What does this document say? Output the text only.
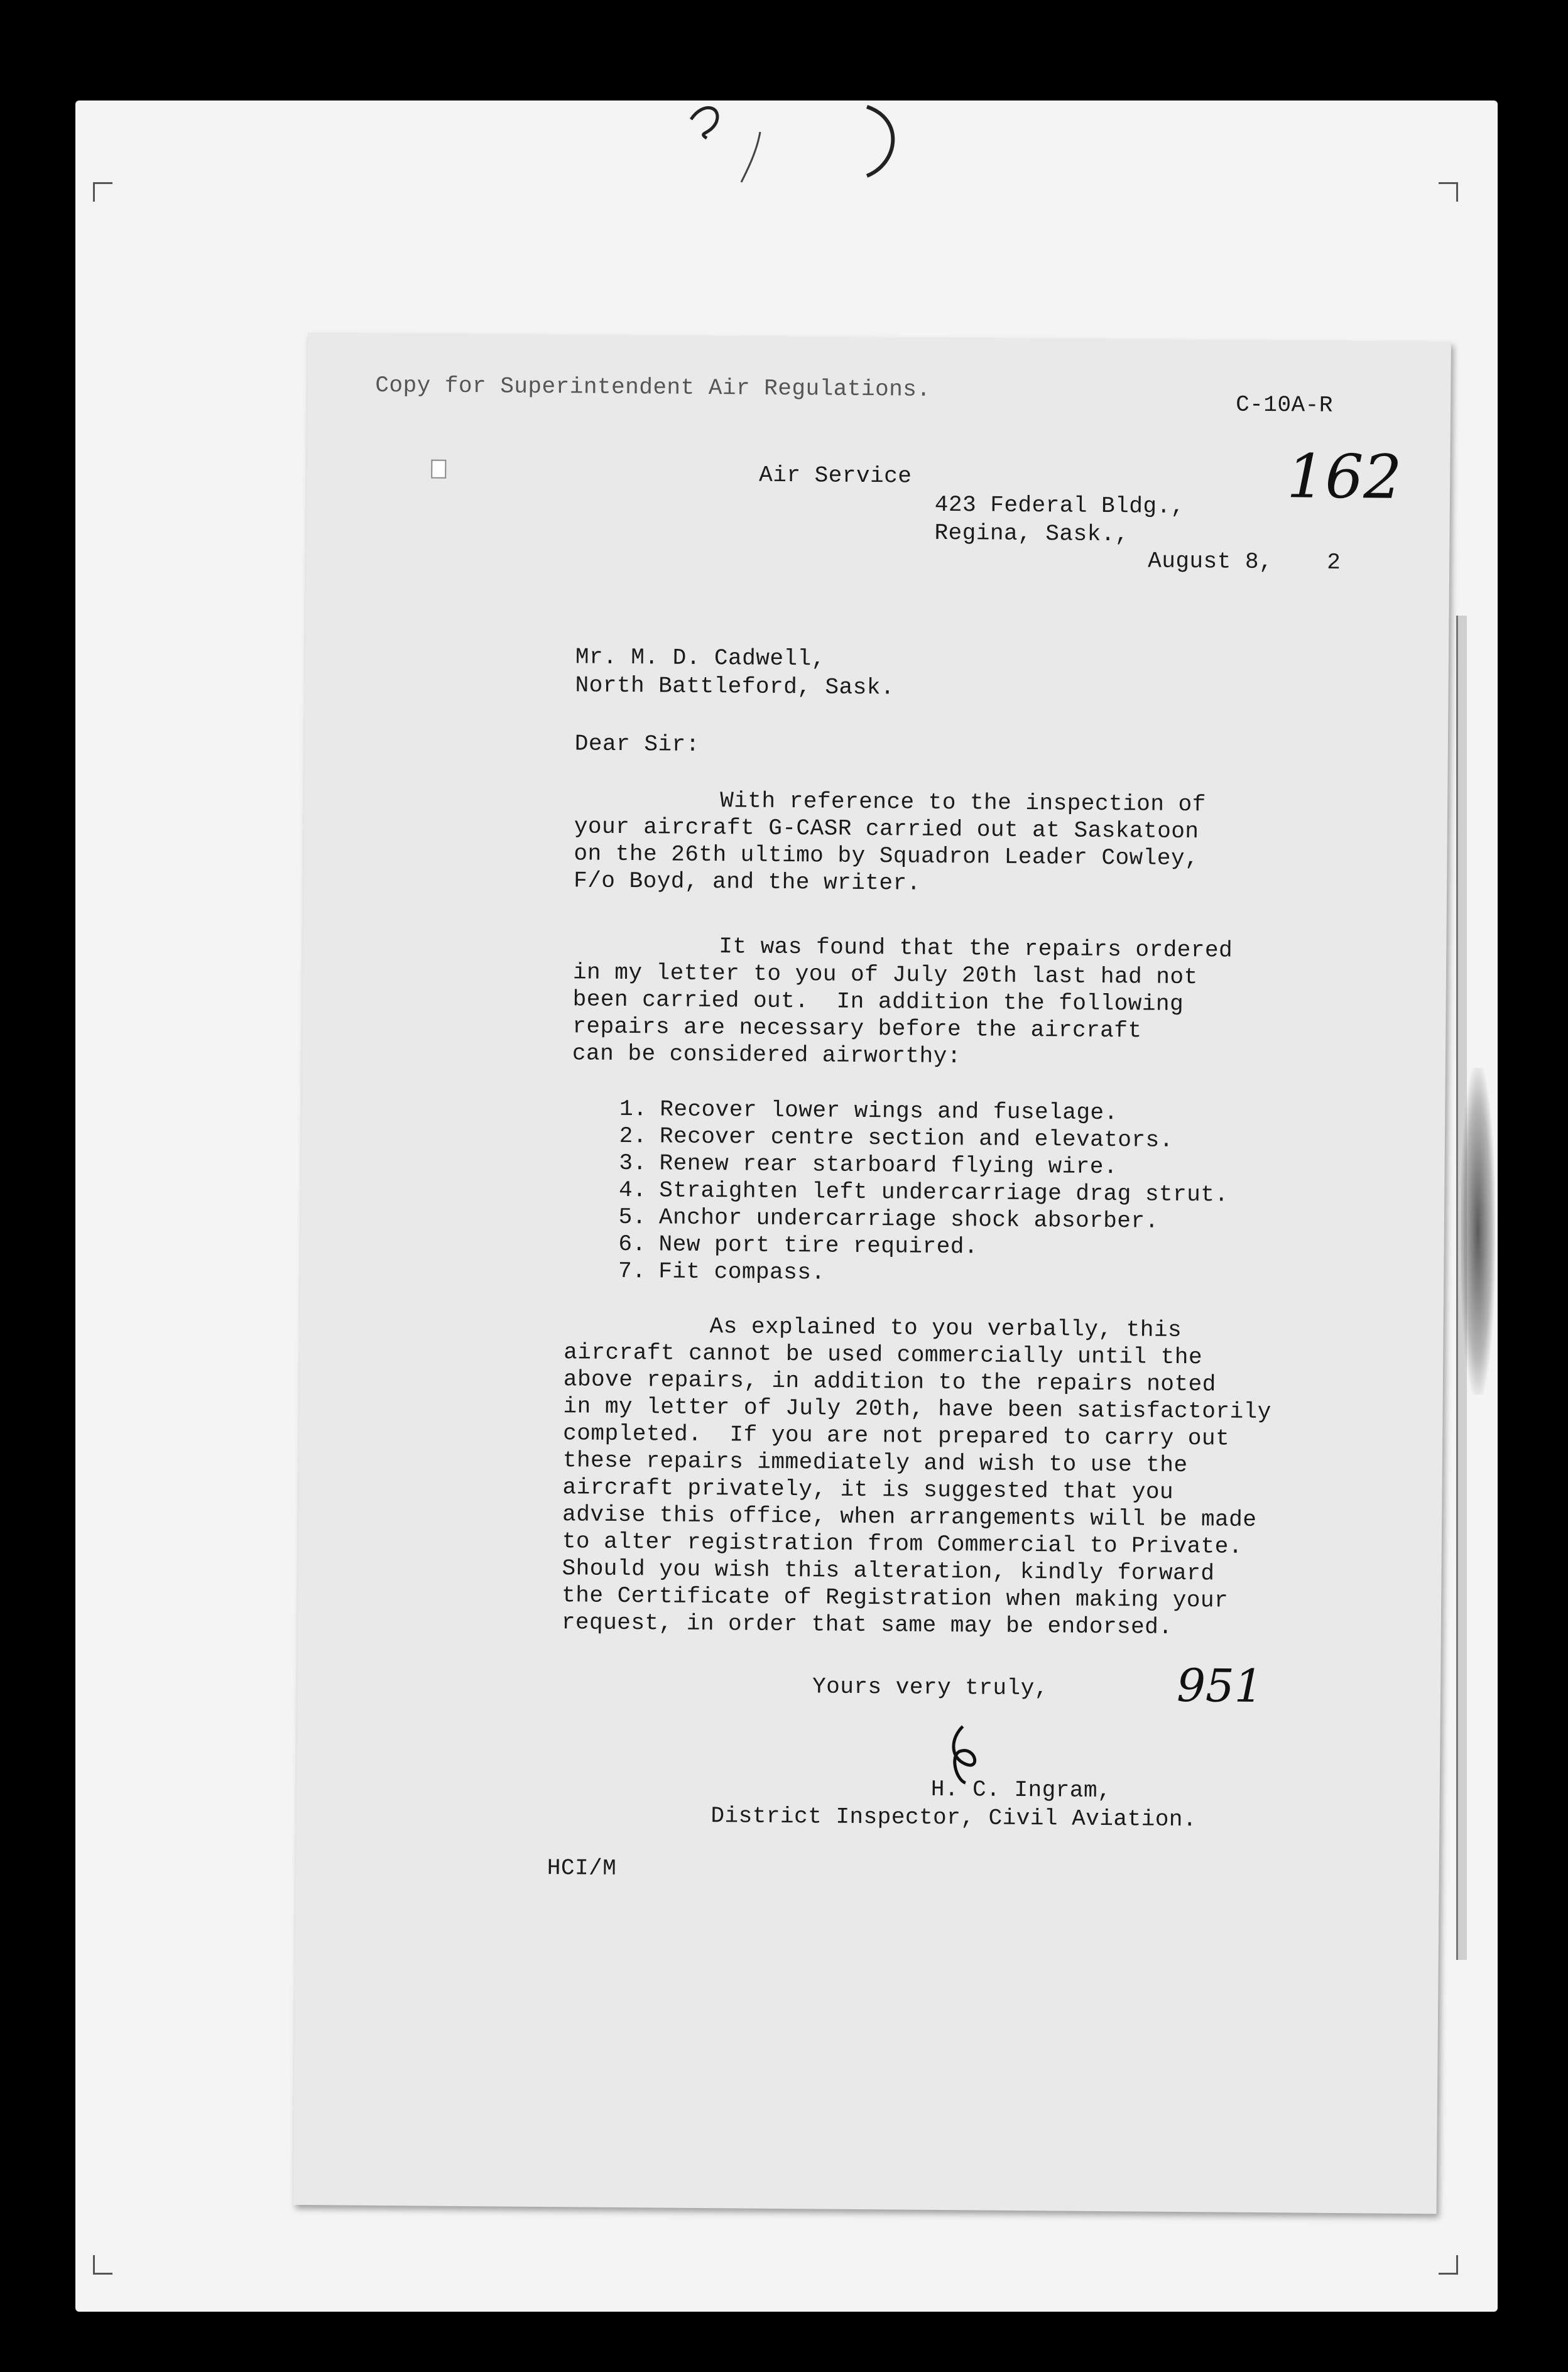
Copy for Superintendent Air Regulations.
C-10A-R
162
Air Service
423 Federal Bldg.,
Regina, Sask.,
August 8, 2
Mr. M. D. Cadwell,
North Battleford, Sask.
Dear Sir:
With reference to the inspection of
your aircraft G-CASR carried out at Saskatoon
on the 26th ultimo by Squadron Leader Cowley,
F/o Boyd, and the writer.
It was found that the repairs ordered
in my letter to you of July 20th last had not
been carried out.  In addition the following
repairs are necessary before the aircraft
can be considered airworthy:
1. Recover lower wings and fuselage.
2. Recover centre section and elevators.
3. Renew rear starboard flying wire.
4. Straighten left undercarriage drag strut.
5. Anchor undercarriage shock absorber.
6. New port tire required.
7. Fit compass.
As explained to you verbally, this
aircraft cannot be used commercially until the
above repairs, in addition to the repairs noted
in my letter of July 20th, have been satisfactorily
completed.  If you are not prepared to carry out
these repairs immediately and wish to use the
aircraft privately, it is suggested that you
advise this office, when arrangements will be made
to alter registration from Commercial to Private.
Should you wish this alteration, kindly forward
the Certificate of Registration when making your
request, in order that same may be endorsed.
Yours very truly,	951
H. C. Ingram,
District Inspector, Civil Aviation.
HCI/M
